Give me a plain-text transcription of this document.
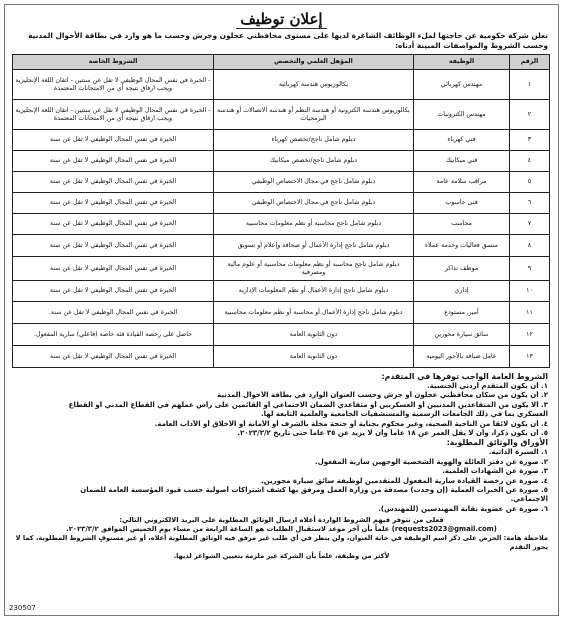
إعلان توظيف
تعلن شركة حكومية عن حاجتها لملء الوظائف الشاغرة لديها على مستوى محافظتي عجلون وجرش وحسب ما هو وارد في بطاقة الأحوال المدنية وحسب الشروط والمواصفات المبينة أدناه:
الرقم	الوظيفة	المؤهل العلمي والتخصص	الشروط الخاصة
١	مهندس كهربائي	بكالوريوس هندسة كهربائية	- الخبرة في نفس المجال الوظيفي لا تقل عن سنتين - اتقان اللغة الإنجليزية ويجب ارفاق نتيجة أي من الامتحانات المعتمدة
٢	مهندس الكترونيات	بكالوريوس هندسة الكترونية أو هندسة النظم أو هندسة الاتصالات أو هندسة البرمجيات	- الخبرة في نفس المجال الوظيفي لا تقل عن سنتين - اتقان اللغة الإنجليزية ويجب ارفاق نتيجة أي من الامتحانات المعتمدة
٣	فني كهرباء	دبلوم شامل ناجح/تخصص كهرباء	الخبرة في نفس المجال الوظيفي لا تقل عن سنة
٤	فني ميكانيك	دبلوم شامل ناجح/تخصص ميكانيك	الخبرة في نفس المجال الوظيفي لا تقل عن سنة
٥	مراقب سلامة عامة	دبلوم شامل ناجح في مجال الاختصاص الوظيفي	الخبرة في نفس المجال الوظيفي لا تقل عن سنة
٦	فني حاسوب	دبلوم شامل ناجح في مجال الاختصاص الوظيفي	الخبرة في نفس المجال الوظيفي لا تقل عن سنة
٧	محاسب	دبلوم شامل ناجح محاسبة أو نظم معلومات محاسبية	الخبرة في نفس المجال الوظيفي لا تقل عن سنة
٨	منسق فعاليات وخدمة عملاء	دبلوم شامل ناجح إدارة الأعمال أو صحافة وإعلام أو تسويق	الخبرة في نفس المجال الوظيفي لا تقل عن سنة
٩	موظف تذاكر	دبلوم شامل ناجح محاسبة أو نظم معلومات محاسبية أو علوم مالية ومصرفية	الخبرة في نفس المجال الوظيفي لا تقل عن سنة
١٠	إداري	دبلوم شامل ناجح إدارة الأعمال أو نظم المعلومات الإدارية	الخبرة في نفس المجال الوظيفي لا تقل عن سنة
١١	أمين مستودع	دبلوم شامل ناجح إدارة الأعمال أو محاسبة أو نظم معلومات محاسبية	الخبرة في نفس المجال الوظيفي لا تقل عن سنة.
١٢	سائق سيارة محورين	دون الثانوية العامة	حاصل على رخصة القيادة فئة خاصة (فاعلي) سارية المفعول.
١٣	عامل ضيافة بالأجور اليومية	دون الثانوية العامة	الخبرة في نفس المجال الوظيفي لا تقل عن سنة
الشروط العامة الواجب توفرها في المتقدم:
١. أن يكون المتقدم أردني الجنسية.
٢. أن يكون من سكان محافظتي عجلون أو جرش وحسب العنوان الوارد في بطاقة الأحوال المدنية
٣. ألا يكون من المتقاعدين المدنيين أو العسكريين أو متقاعدي الضمان الاجتماعي أو القائمين على رأس عملهم في القطاع المدني أو القطاع
العسكري بما في ذلك الجامعات الرسمية والمستشفيات الجامعية والعلمية التابعة لها.
٤. أن يكون لائقاً من الناحية الصحية، وغير محكوم بجناية أو جنحة مخلة بالشرف أو الأمانة أو الأخلاق أو الآداب العامة.
٥. أن يكون ذكراً، وأن لا يقل العمر عن ١٨ عاماً وأن لا يزيد عن ٣٥ عاماً حتى تاريخ ٢٠٢٣/٣/٢.
الأوراق والوثائق المطلوبة:
١. السيرة الذاتية.
٢. صورة عن دفتر العائلة والهوية الشخصية الوجهين سارية المفعول.
٣. صورة عن الشهادات العلمية.
٤. صورة عن رخصة القيادة سارية المفعول للمتقدمين لوظيفة سائق سيارة محورين.
٥. صورة عن الخبرات العملية (إن وجدت) مصدقة من وزارة العمل ومرفق بها كشف اشتراكات أصولية حسب قيود المؤسسة العامة للضمان
الاجتماعي.
٦. صورة عن عضوية نقابة المهندسين (للمهندس).
فعلى من تتوفر فيهم الشروط الواردة أعلاه ارسال الوثائق المطلوبة على البريد الالكتروني التالي:
(requests2023@gmail.com) علماً بأن آخر موعد لاستقبال الطلبات هو الساعة الرابعة من مساء يوم الخميس الموافق ٢٠٢٣/٣/٢.
ملاحظة هامة: الحرص على ذكر اسم الوظيفة في خانة العنوان، ولن ينظر في أي طلب غير مرفق فيه الوثائق المطلوبة أعلاه، أو غير مستوفٍ الشروط المطلوبة، كما لا يجوز التقدم
لأكثر من وظيفة، علماً بأن الشركة غير ملزمة بتعيين الشواغر لديها.
230507
